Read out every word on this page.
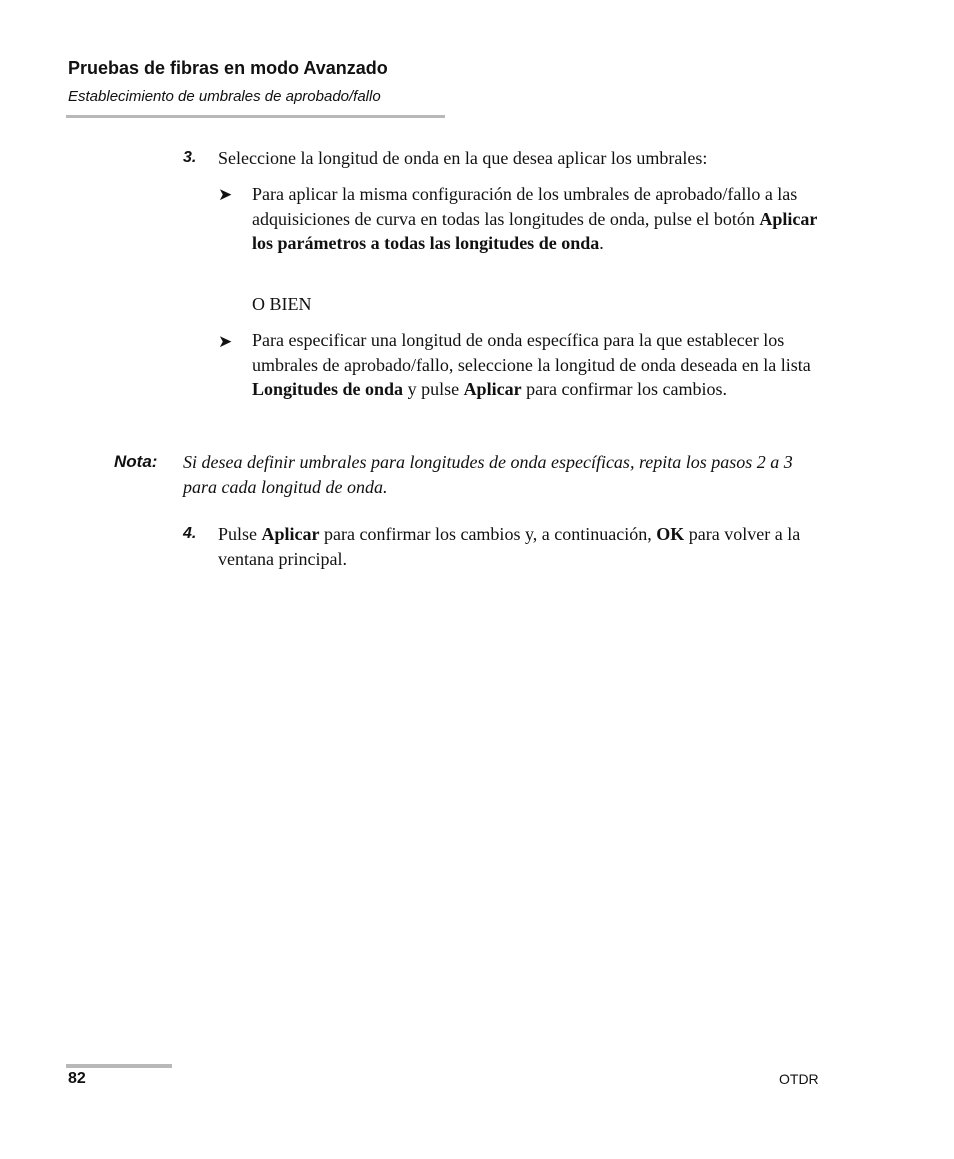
Pruebas de fibras en modo Avanzado
Establecimiento de umbrales de aprobado/fallo
3. Seleccione la longitud de onda en la que desea aplicar los umbrales:
➤ Para aplicar la misma configuración de los umbrales de aprobado/fallo a las adquisiciones de curva en todas las longitudes de onda, pulse el botón Aplicar los parámetros a todas las longitudes de onda.
O BIEN
➤ Para especificar una longitud de onda específica para la que establecer los umbrales de aprobado/fallo, seleccione la longitud de onda deseada en la lista Longitudes de onda y pulse Aplicar para confirmar los cambios.
Nota: Si desea definir umbrales para longitudes de onda específicas, repita los pasos 2 a 3 para cada longitud de onda.
4. Pulse Aplicar para confirmar los cambios y, a continuación, OK para volver a la ventana principal.
82	OTDR
